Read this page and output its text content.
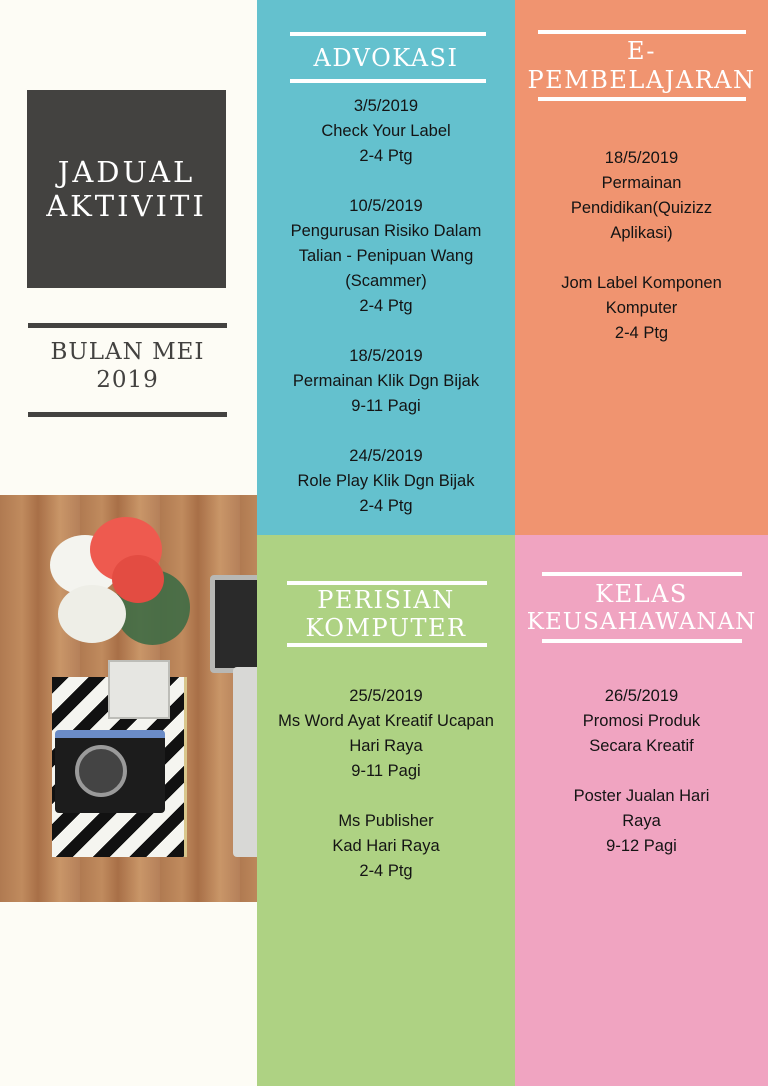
JADUAL AKTIVITI
BULAN MEI 2019
ADVOKASI
3/5/2019
Check Your Label
2-4 Ptg
10/5/2019
Pengurusan Risiko Dalam
Talian - Penipuan Wang
(Scammer)
2-4 Ptg
18/5/2019
Permainan Klik Dgn Bijak
9-11 Pagi
24/5/2019
Role Play Klik Dgn Bijak
2-4 Ptg
E-
PEMBELAJARAN
18/5/2019
Permainan
Pendidikan(Quizizz
Aplikasi)
Jom Label Komponen
Komputer
2-4 Ptg
PERISIAN
KOMPUTER
25/5/2019
Ms Word Ayat Kreatif Ucapan
Hari Raya
9-11 Pagi
Ms Publisher
Kad Hari Raya
2-4 Ptg
KELAS
KEUSAHAWANAN
26/5/2019
Promosi Produk
Secara Kreatif
Poster Jualan Hari
Raya
9-12 Pagi
